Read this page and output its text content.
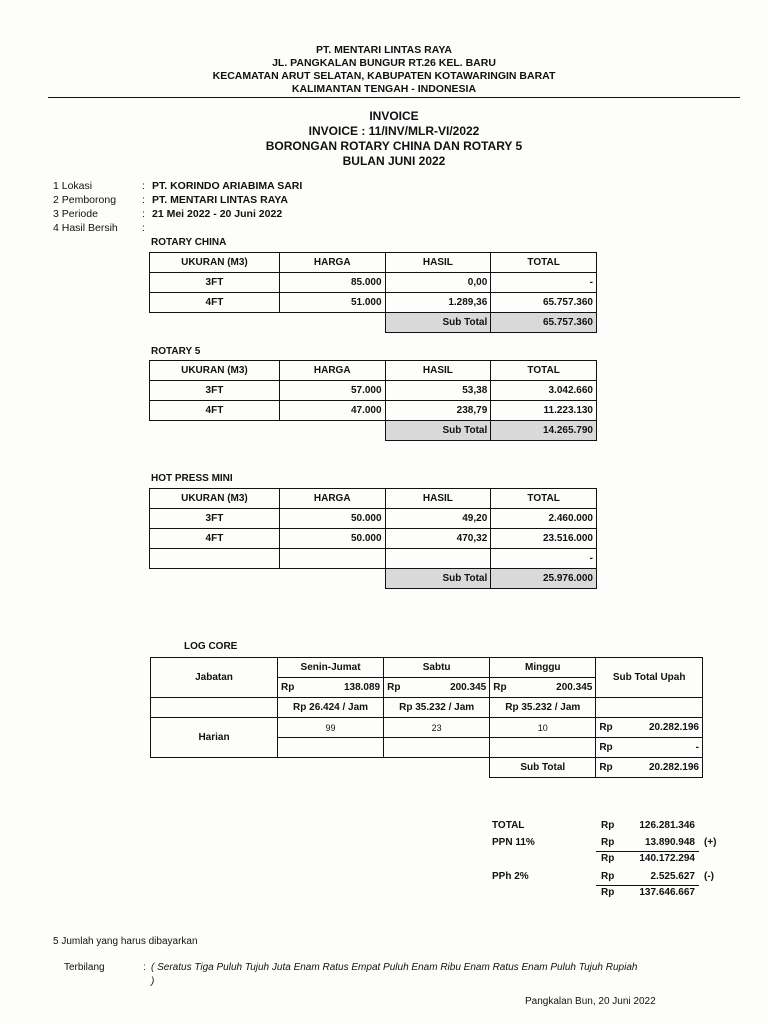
PT. MENTARI LINTAS RAYA
JL. PANGKALAN BUNGUR RT.26 KEL. BARU
KECAMATAN ARUT SELATAN, KABUPATEN KOTAWARINGIN BARAT
KALIMANTAN TENGAH - INDONESIA
INVOICE
INVOICE : 11/INV/MLR-VI/2022
BORONGAN ROTARY CHINA DAN ROTARY 5
BULAN JUNI 2022
1 Lokasi	: PT. KORINDO ARIABIMA SARI
2 Pemborong : PT. MENTARI LINTAS RAYA
3 Periode	: 21 Mei 2022 - 20 Juni 2022
4 Hasil Bersih :
ROTARY CHINA
UKURAN (M3)	HARGA	HASIL	TOTAL
3FT	85.000	0,00	-
4FT	51.000	1.289,36	65.757.360
		Sub Total	65.757.360
ROTARY 5
UKURAN (M3)	HARGA	HASIL	TOTAL
3FT	57.000	53,38	3.042.660
4FT	47.000	238,79	11.223.130
		Sub Total	14.265.790
HOT PRESS MINI
UKURAN (M3)	HARGA	HASIL	TOTAL
3FT	50.000	49,20	2.460.000
4FT	50.000	470,32	23.516.000
			-
		Sub Total	25.976.000
LOG CORE
Jabatan	Senin-Jumat		Sabtu		Minggu		Sub Total Upah	
	Rp	138.089	Rp	200.345	Rp	200.345		
	Rp 26.424 / Jam		Rp 35.232 / Jam		Rp 35.232 / Jam			
Harian	99		23		10		Rp	20.282.196
							Rp	-
					Sub Total		Rp	20.282.196
TOTAL	Rp	126.281.346
PPN 11%	Rp	13.890.948 (+)
Rp	140.172.294
PPh 2%	Rp	2.525.627 (-)
Rp	137.646.667
5 Jumlah yang harus dibayarkan
Terbilang	: ( Seratus Tiga Puluh Tujuh Juta Enam Ratus Empat Puluh Enam Ribu Enam Ratus Enam Puluh Tujuh Rupiah
)
Pangkalan Bun, 20 Juni 2022
